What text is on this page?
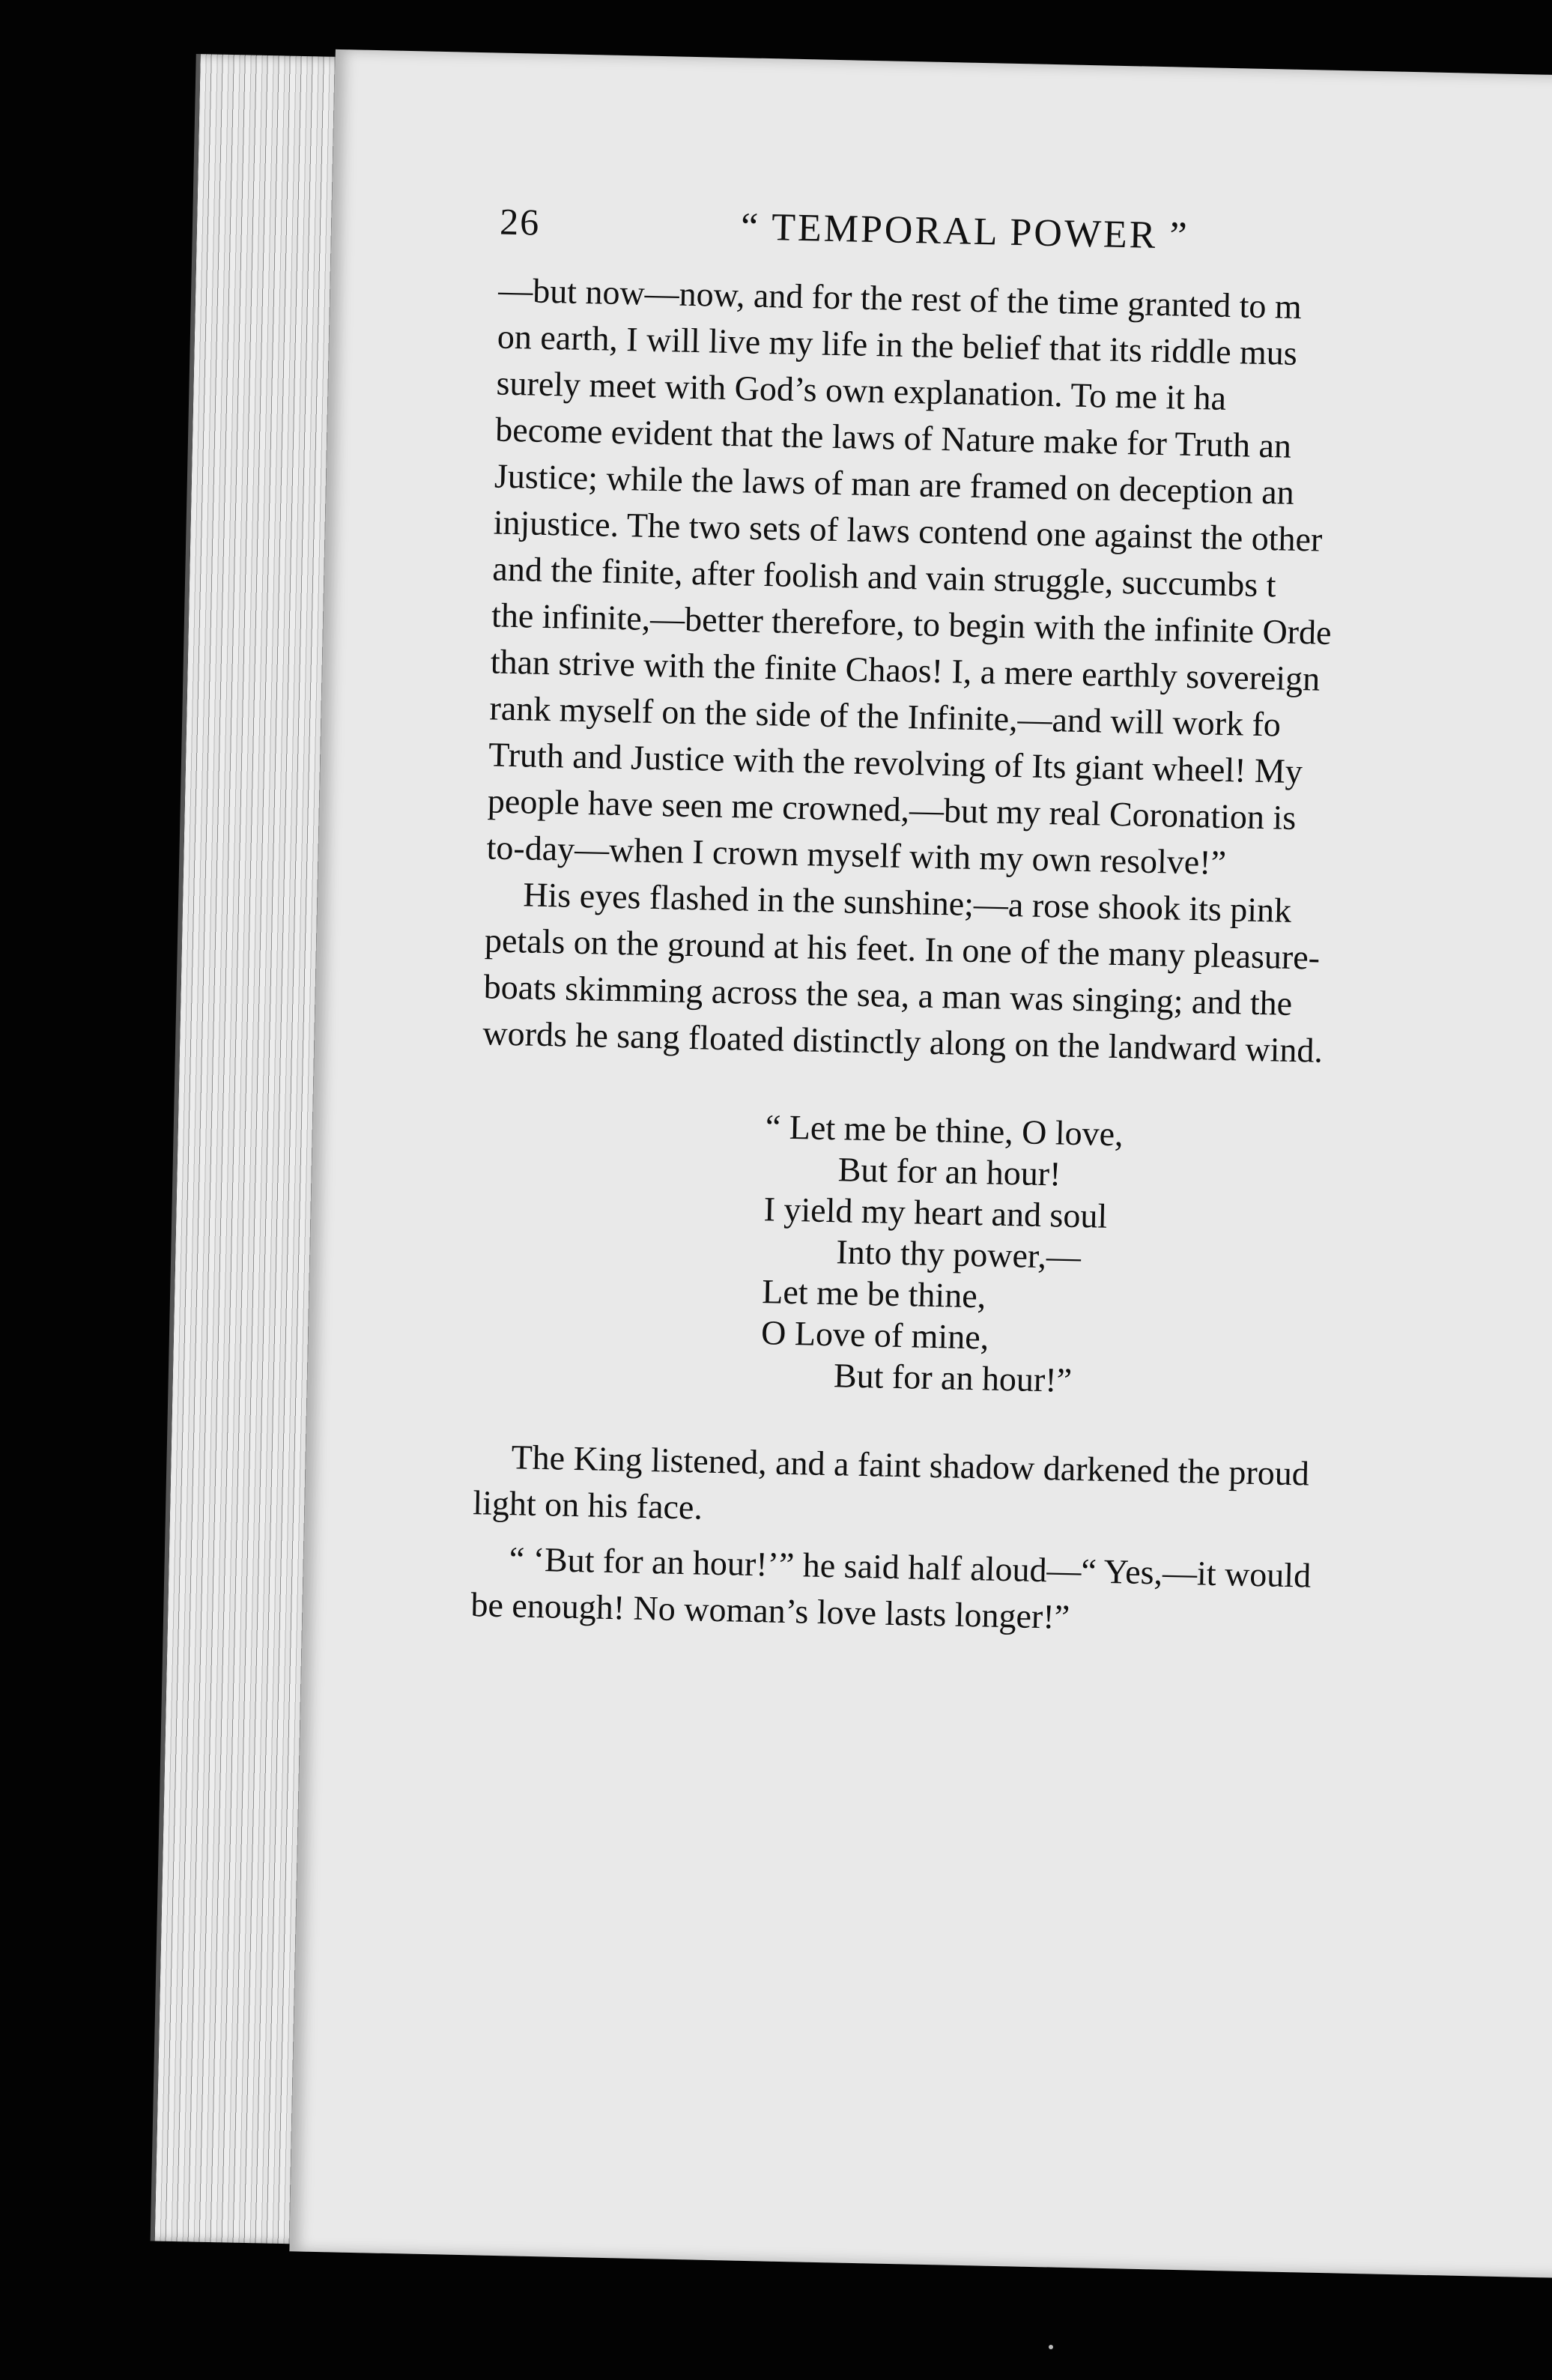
26	“ TEMPORAL POWER ”

—but now—now, and for the rest of the time granted to m
on earth, I will live my life in the belief that its riddle mus
surely meet with God’s own explanation. To me it ha
become evident that the laws of Nature make for Truth an
Justice; while the laws of man are framed on deception an
injustice. The two sets of laws contend one against the other
and the finite, after foolish and vain struggle, succumbs t
the infinite,—better therefore, to begin with the infinite Orde
than strive with the finite Chaos! I, a mere earthly sovereign
rank myself on the side of the Infinite,—and will work fo
Truth and Justice with the revolving of Its giant wheel! My
people have seen me crowned,—but my real Coronation is
to-day—when I crown myself with my own resolve!”

His eyes flashed in the sunshine;—a rose shook its pink
petals on the ground at his feet. In one of the many pleasure-
boats skimming across the sea, a man was singing; and the
words he sang floated distinctly along on the landward wind.

“ Let me be thine, O love,
But for an hour!
I yield my heart and soul
Into thy power,—
Let me be thine,
O Love of mine,
But for an hour!”

The King listened, and a faint shadow darkened the proud
light on his face.

“ ‘But for an hour!’” he said half aloud—“ Yes,—it would
be enough! No woman’s love lasts longer!”
